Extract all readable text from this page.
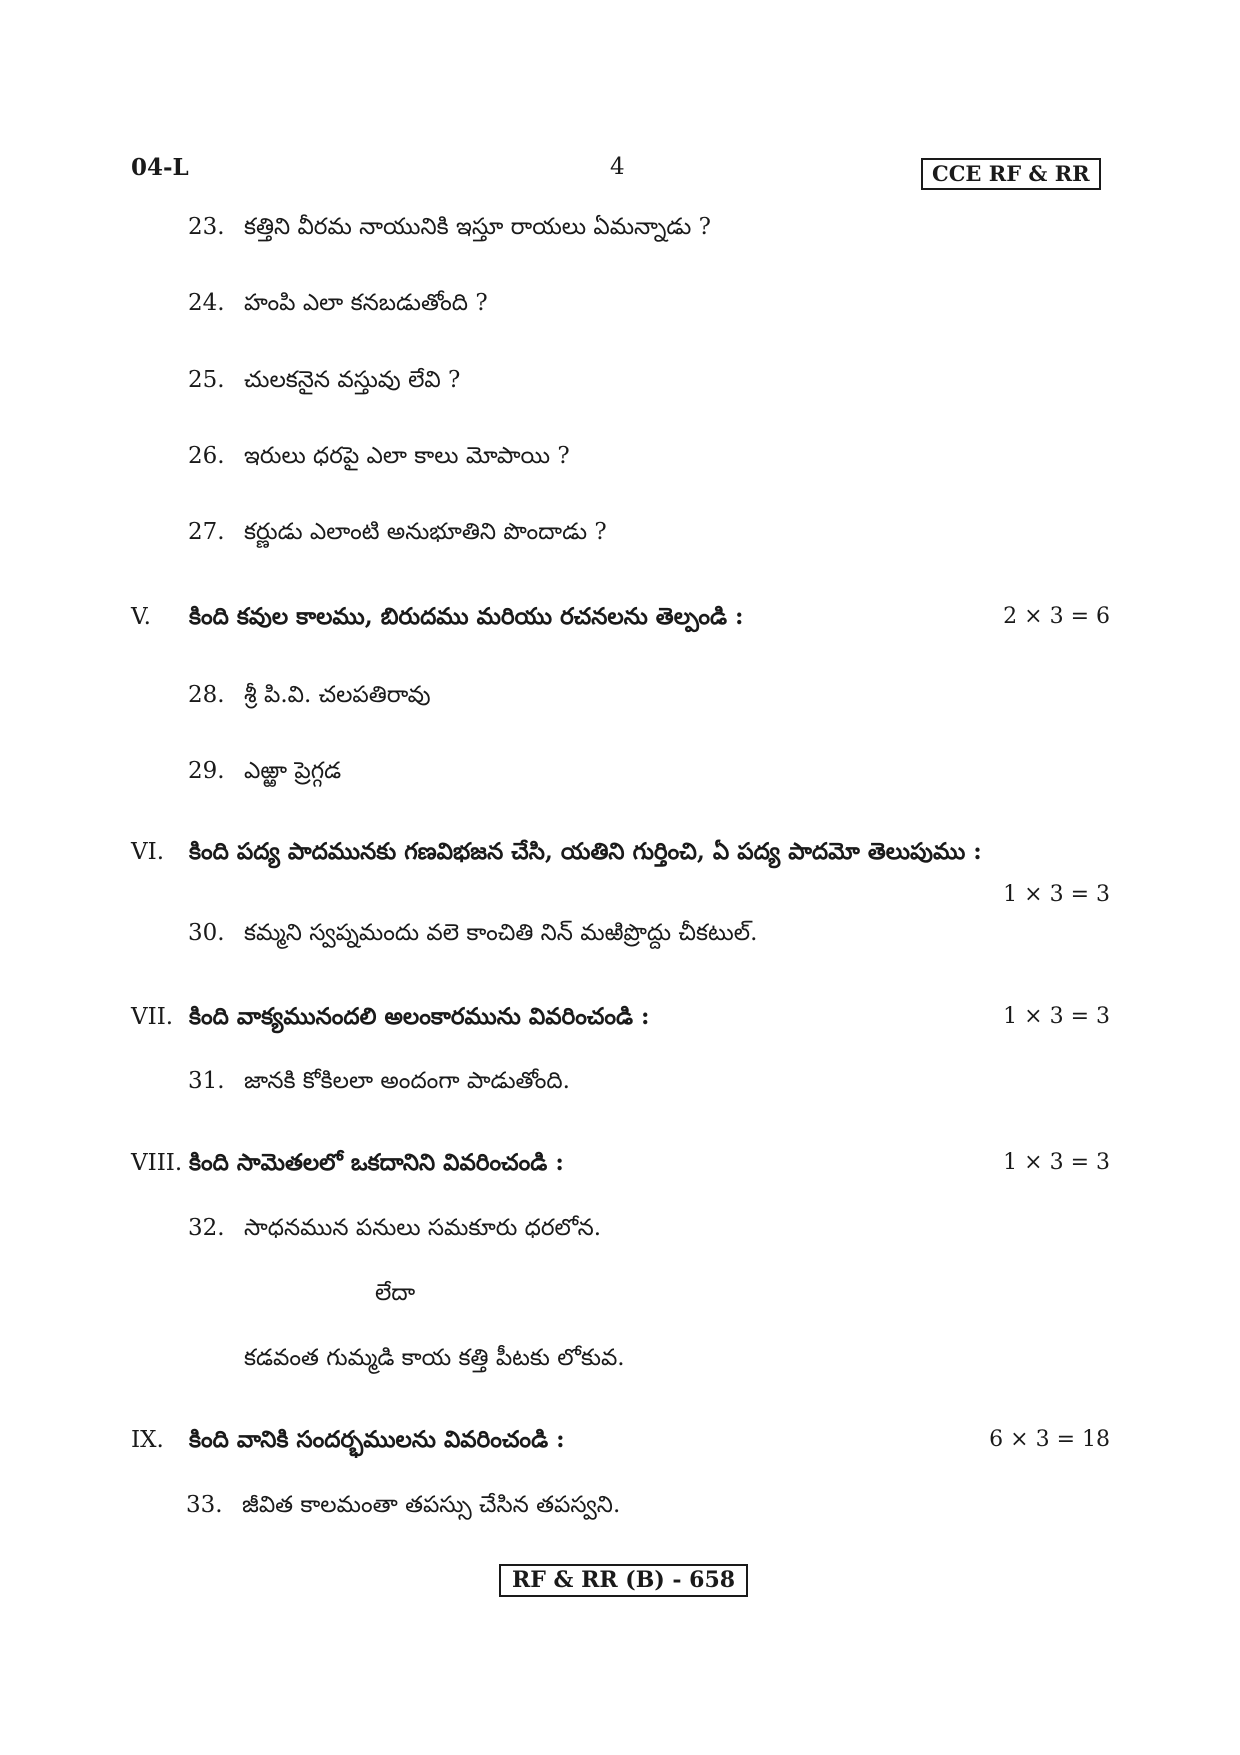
04-L	4	CCE RF & RR
23. కత్తిని వీరమ నాయునికి ఇస్తూ రాయలు ఏమన్నాడు ?
24. హంపి ఎలా కనబడుతోంది ?
25. చులకనైన వస్తువు లేవి ?
26. ఇరులు ధరపై ఎలా కాలు మోపాయి ?
27. కర్ణుడు ఎలాంటి అనుభూతిని పొందాడు ?
V. కింది కవుల కాలము, బిరుదము మరియు రచనలను తెల్పండి :	2 × 3 = 6
28. శ్రీ పి.వి. చలపతిరావు
29. ఎఱ్ఱా ప్రెగ్గడ
VI. కింది పద్య పాదమునకు గణవిభజన చేసి, యతిని గుర్తించి, ఏ పద్య పాదమో తెలుపుము :
1 × 3 = 3
30. కమ్మని స్వప్నమందు వలె కాంచితి నిన్ మఱిప్రొద్దు చీకటుల్.
VII. కింది వాక్యమునందలి అలంకారమును వివరించండి :	1 × 3 = 3
31. జానకి కోకిలలా అందంగా పాడుతోంది.
VIII. కింది సామెతలలో ఒకదానిని వివరించండి :	1 × 3 = 3
32. సాధనమున పనులు సమకూరు ధరలోన.
లేదా
కడవంత గుమ్మడి కాయ కత్తి పీటకు లోకువ.
IX. కింది వానికి సందర్భములను వివరించండి :	6 × 3 = 18
33. జీవిత కాలమంతా తపస్సు చేసిన తపస్వని.
RF & RR (B) - 658
